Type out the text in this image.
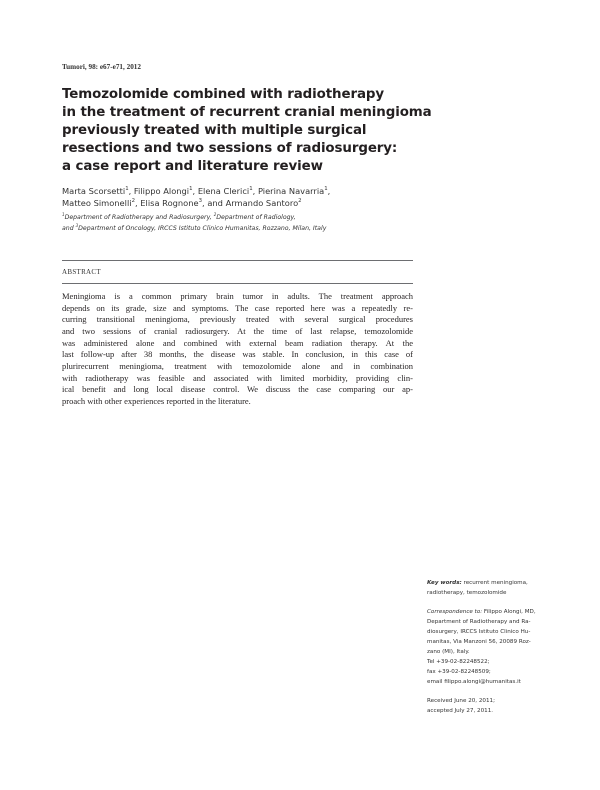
Tumori, 98: e67-e71, 2012
Temozolomide combined with radiotherapy
in the treatment of recurrent cranial meningioma
previously treated with multiple surgical
resections and two sessions of radiosurgery:
a case report and literature review
Marta Scorsetti$^1$, Filippo Alongi$^1$, Elena Clerici$^1$, Pierina Navarria$^1$,
Matteo Simonelli$^2$, Elisa Rognone$^3$, and Armando Santoro$^2$
$^1$Department of Radiotherapy and Radiosurgery, $^2$Department of Radiology,
and $^3$Department of Oncology, IRCCS Istituto Clinico Humanitas, Rozzano, Milan, Italy
ABSTRACT
Meningioma is a common primary brain tumor in adults. The treatment approach
depends on its grade, size and symptoms. The case reported here was a repeatedly re-
curring transitional meningioma, previously treated with several surgical procedures
and two sessions of cranial radiosurgery. At the time of last relapse, temozolomide
was administered alone and combined with external beam radiation therapy. At the
last follow-up after 38 months, the disease was stable. In conclusion, in this case of
plurirecurrent meningioma, treatment with temozolomide alone and in combination
with radiotherapy was feasible and associated with limited morbidity, providing clin-
ical benefit and long local disease control. We discuss the case comparing our ap-
proach with other experiences reported in the literature.
Key words: recurrent meningioma,
radiotherapy, temozolomide
Correspondence to: Filippo Alongi, MD,
Department of Radiotherapy and Ra-
diosurgery, IRCCS Istituto Clinico Hu-
manitas, Via Manzoni 56, 20089 Roz-
zano (MI), Italy.
Tel +39-02-82248522;
fax +39-02-82248509;
email filippo.alongi@humanitas.it
Received June 20, 2011;
accepted July 27, 2011.
